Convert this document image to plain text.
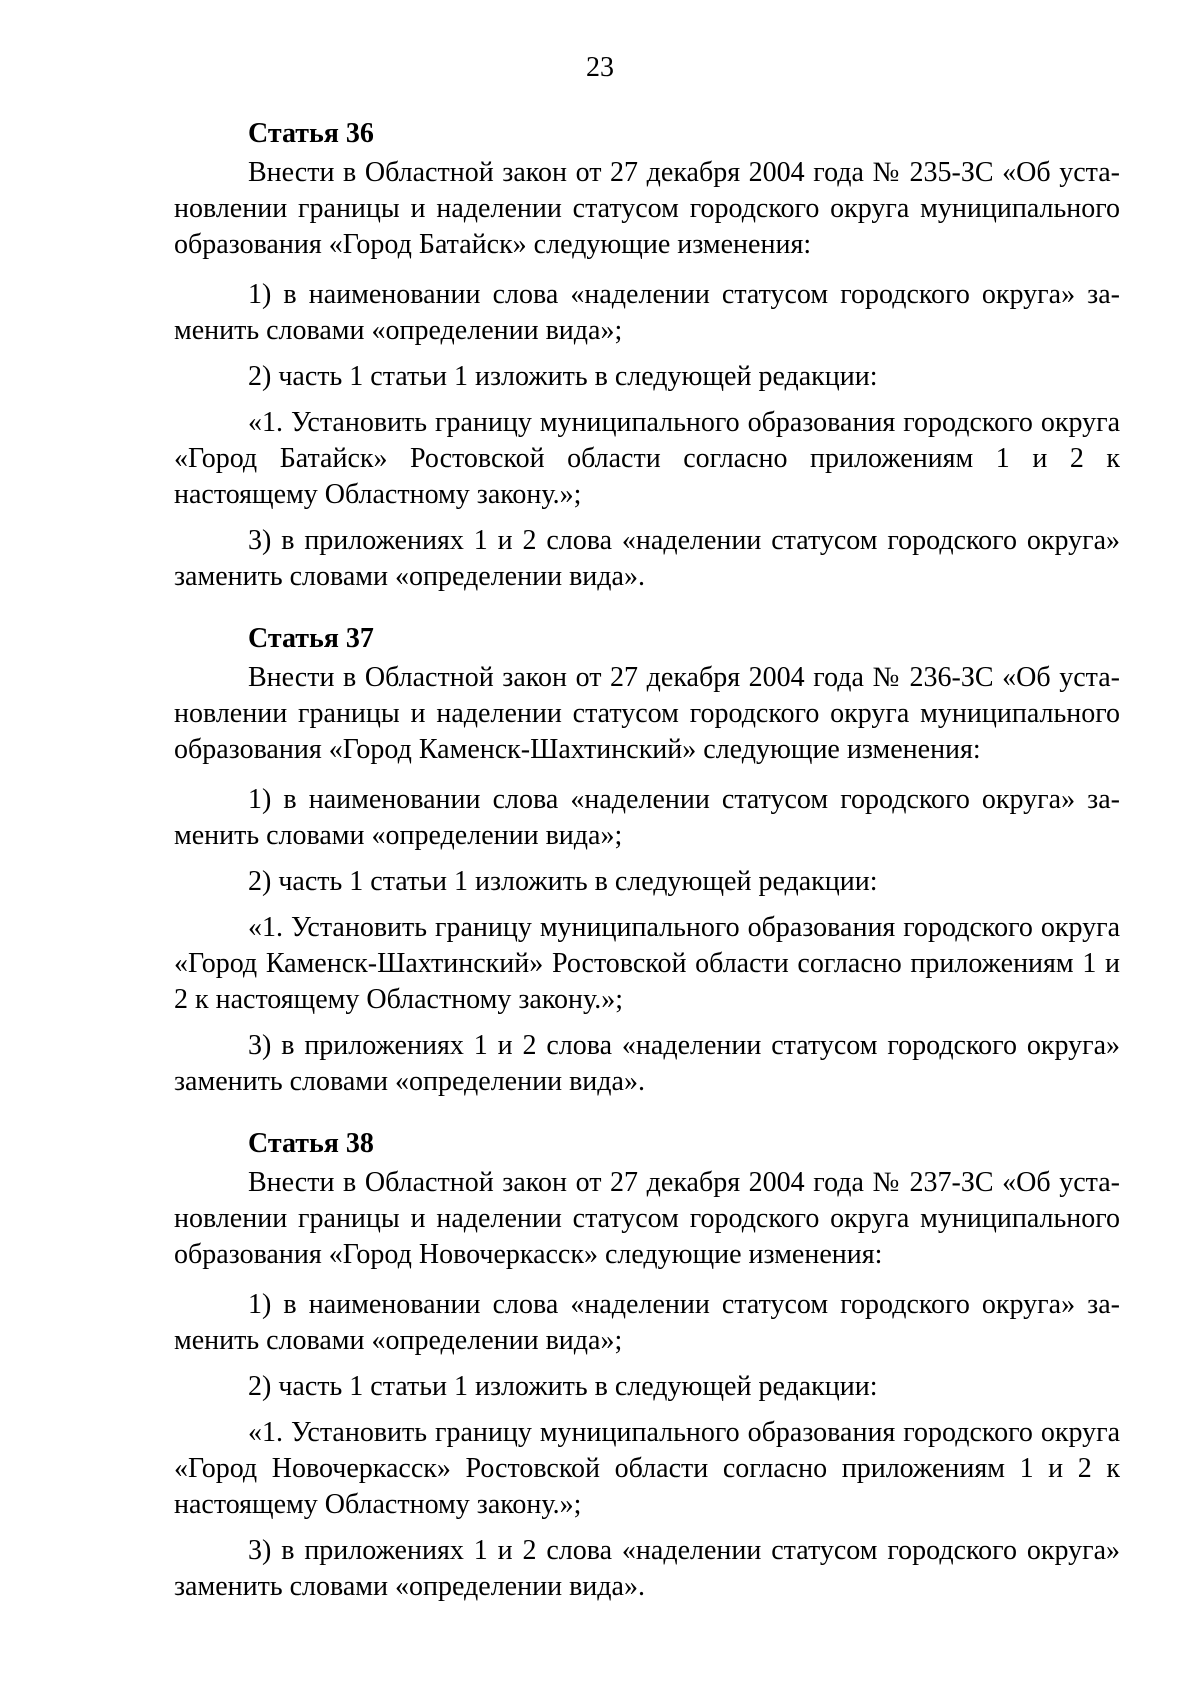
23
Статья 36

Внести в Областной закон от 27 декабря 2004 года № 235-ЗС «Об установлении границы и наделении статусом городского округа муниципального образования «Город Батайск» следующие изменения:

1) в наименовании слова «наделении статусом городского округа» заменить словами «определении вида»;

2) часть 1 статьи 1 изложить в следующей редакции:

«1. Установить границу муниципального образования городского округа «Город Батайск» Ростовской области согласно приложениям 1 и 2 к настоящему Областному закону.»;

3) в приложениях 1 и 2 слова «наделении статусом городского округа» заменить словами «определении вида».

Статья 37

Внести в Областной закон от 27 декабря 2004 года № 236-ЗС «Об установлении границы и наделении статусом городского округа муниципального образования «Город Каменск-Шахтинский» следующие изменения:

1) в наименовании слова «наделении статусом городского округа» заменить словами «определении вида»;

2) часть 1 статьи 1 изложить в следующей редакции:

«1. Установить границу муниципального образования городского округа «Город Каменск-Шахтинский» Ростовской области согласно приложениям 1 и 2 к настоящему Областному закону.»;

3) в приложениях 1 и 2 слова «наделении статусом городского округа» заменить словами «определении вида».

Статья 38

Внести в Областной закон от 27 декабря 2004 года № 237-ЗС «Об установлении границы и наделении статусом городского округа муниципального образования «Город Новочеркасск» следующие изменения:

1) в наименовании слова «наделении статусом городского округа» заменить словами «определении вида»;

2) часть 1 статьи 1 изложить в следующей редакции:

«1. Установить границу муниципального образования городского округа «Город Новочеркасск» Ростовской области согласно приложениям 1 и 2 к настоящему Областному закону.»;

3) в приложениях 1 и 2 слова «наделении статусом городского округа» заменить словами «определении вида».
